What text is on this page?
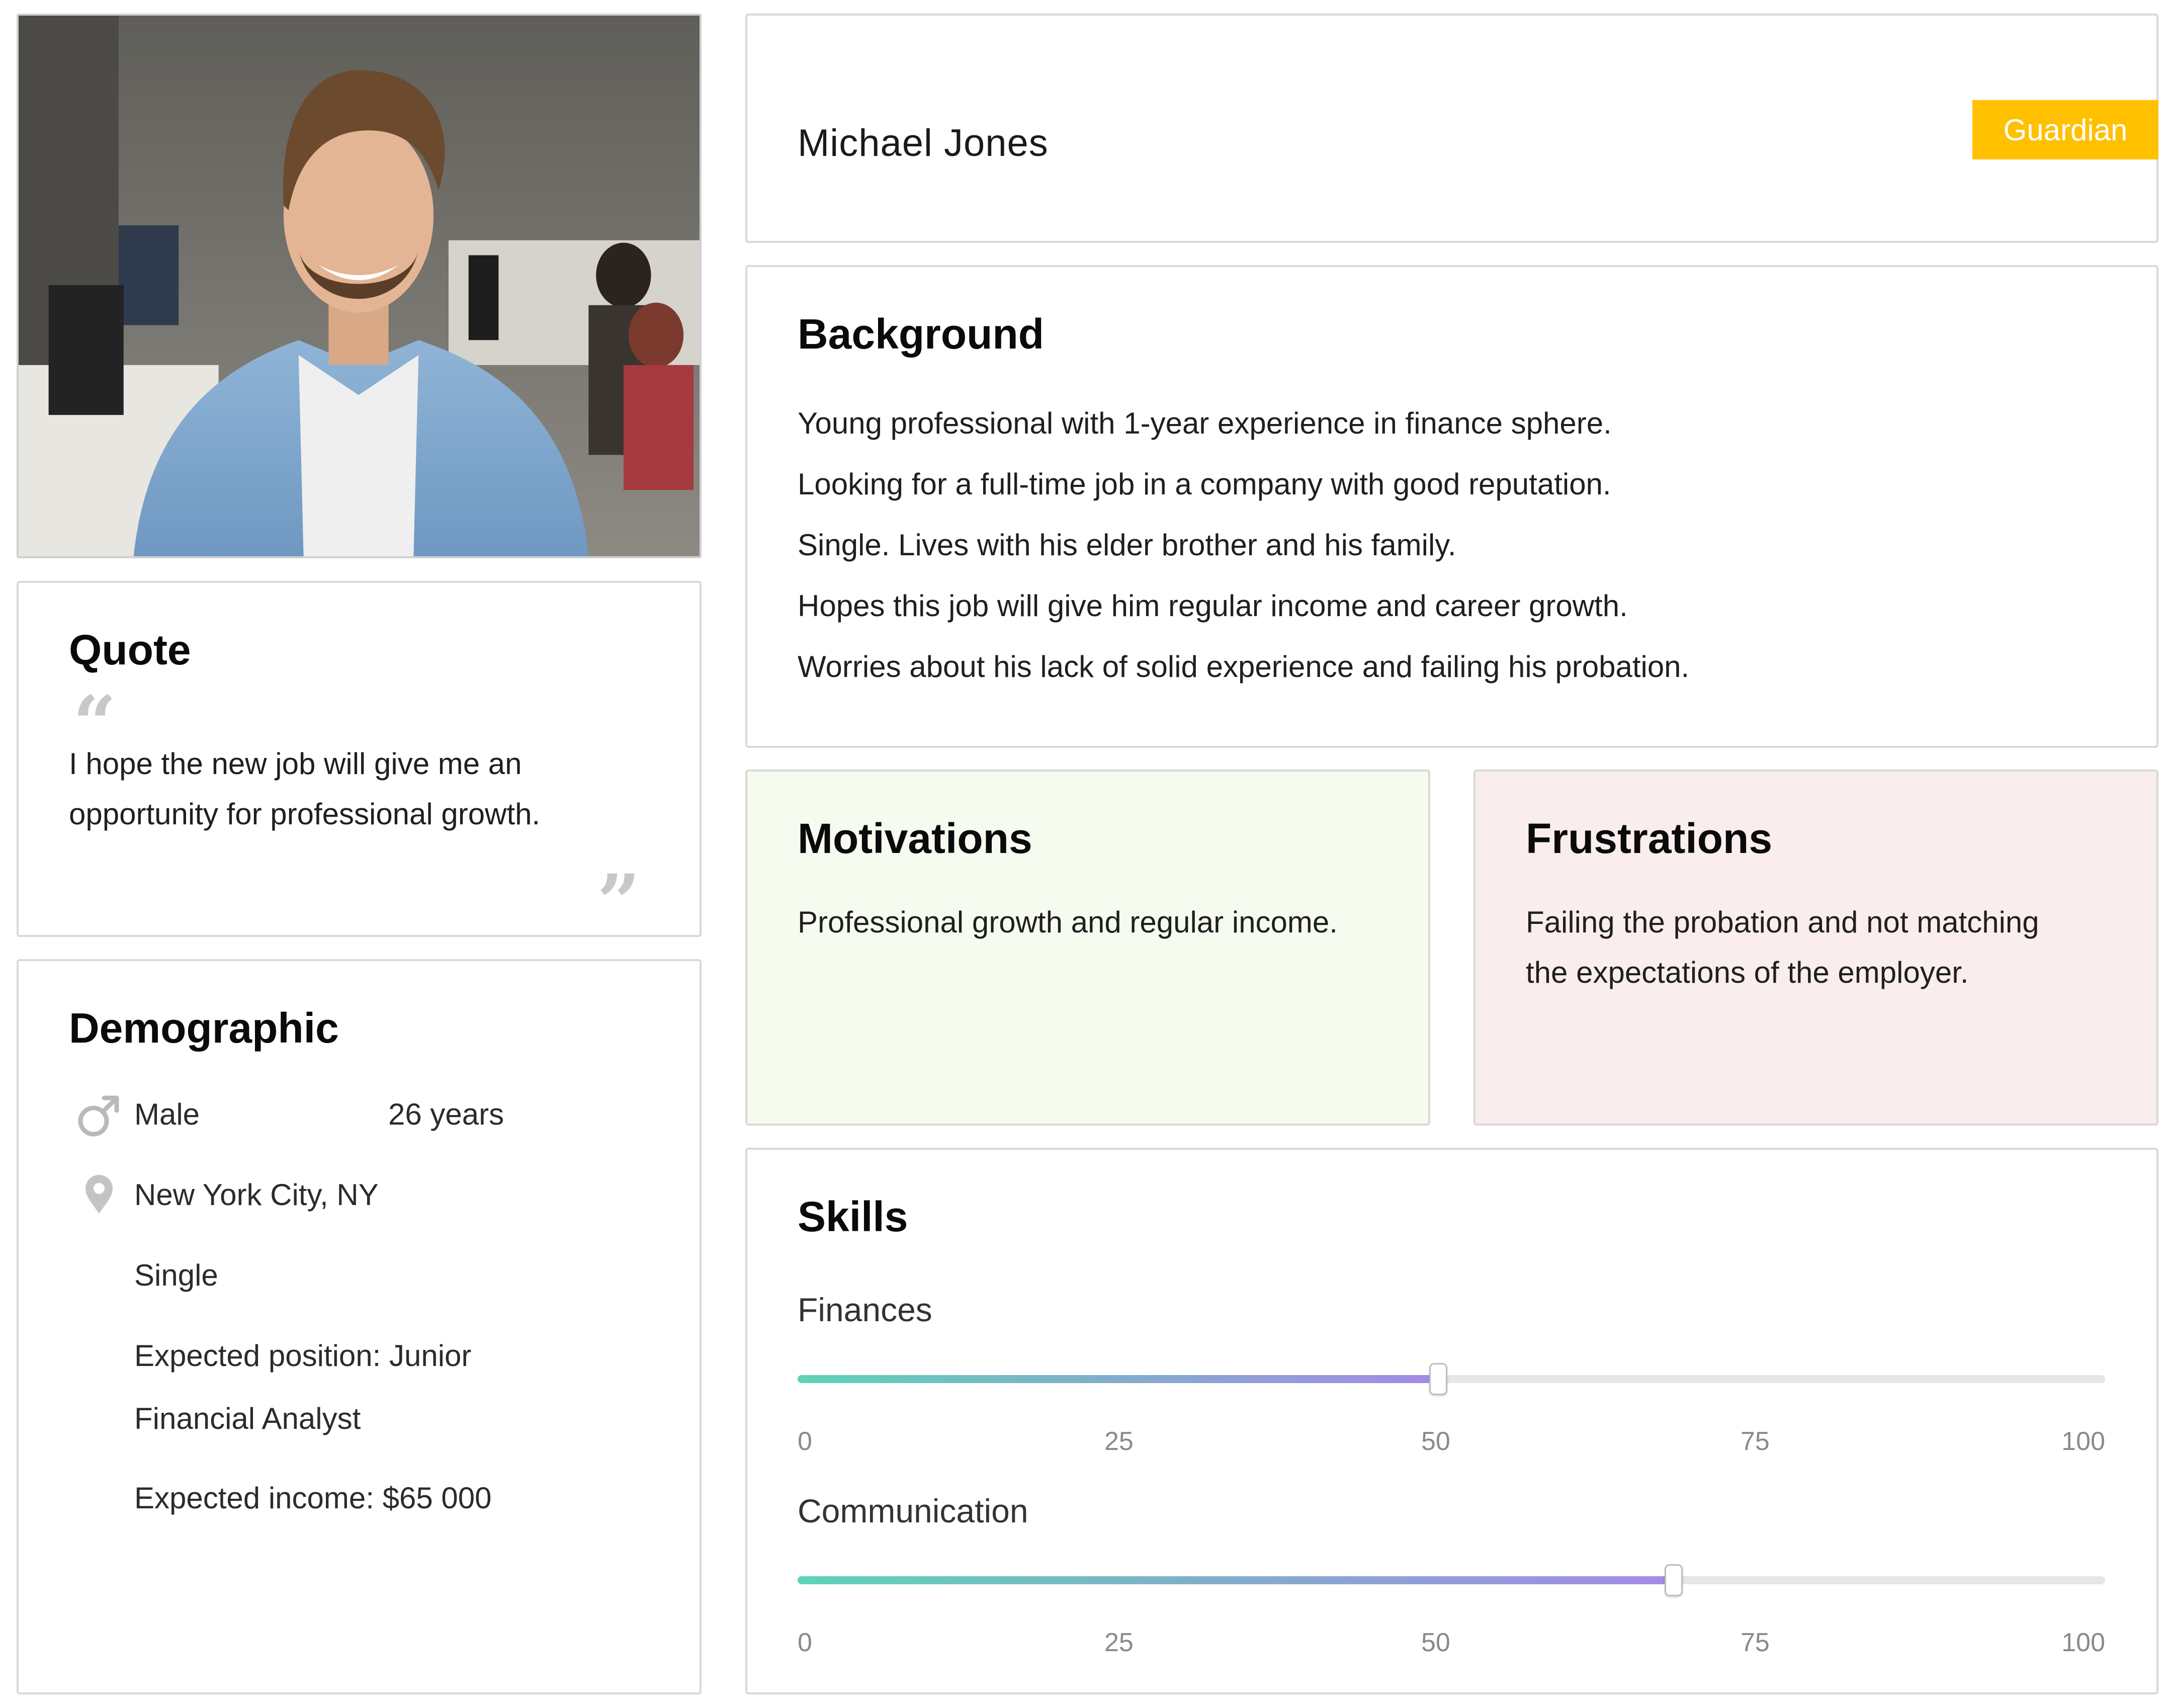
Michael Jones	Guardian
Background
Young professional with 1-year experience in finance sphere.
Looking for a full-time job in a company with good reputation.
Single. Lives with his elder brother and his family.
Hopes this job will give him regular income and career growth.
Worries about his lack of solid experience and failing his probation.
Quote
“
I hope the new job will give me an opportunity for professional growth.
”
Demographic
Male	26 years
New York City, NY
Single
Expected position: Junior
Financial Analyst
Expected income: $65 000
Motivations
Professional growth and regular income.
Frustrations
Failing the probation and not matching the expectations of the employer.
Skills
Finances
0	25	50	75	100
Communication
0	25	50	75	100
